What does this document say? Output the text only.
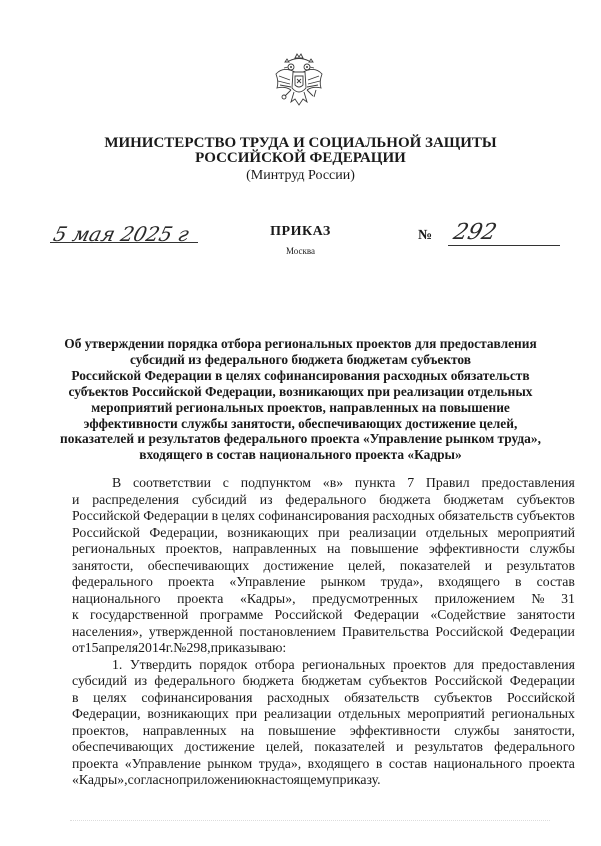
МИНИСТЕРСТВО ТРУДА И СОЦИАЛЬНОЙ ЗАЩИТЫ
РОССИЙСКОЙ ФЕДЕРАЦИИ
(Минтруд России)
ПРИКАЗ
Москва
5 мая 2025 г	№ 292
Об утверждении порядка отбора региональных проектов для предоставления
субсидий из федерального бюджета бюджетам субъектов
Российской Федерации в целях софинансирования расходных обязательств
субъектов Российской Федерации, возникающих при реализации отдельных
мероприятий региональных проектов, направленных на повышение
эффективности службы занятости, обеспечивающих достижение целей,
показателей и результатов федерального проекта «Управление рынком труда»,
входящего в состав национального проекта «Кадры»
В соответствии с подпунктом «в» пункта 7 Правил предоставления
и распределения субсидий из федерального бюджета бюджетам субъектов
Российской Федерации в целях софинансирования расходных обязательств субъектов
Российской Федерации, возникающих при реализации отдельных мероприятий
региональных проектов, направленных на повышение эффективности службы
занятости, обеспечивающих достижение целей, показателей и результатов
федерального проекта «Управление рынком труда», входящего в состав
национального проекта «Кадры», предусмотренных приложением № 31
к государственной программе Российской Федерации «Содействие занятости
населения», утвержденной постановлением Правительства Российской Федерации
от 15 апреля 2014 г. № 298, приказываю:
1. Утвердить порядок отбора региональных проектов для предоставления
субсидий из федерального бюджета бюджетам субъектов Российской Федерации
в целях софинансирования расходных обязательств субъектов Российской
Федерации, возникающих при реализации отдельных мероприятий региональных
проектов, направленных на повышение эффективности службы занятости,
обеспечивающих достижение целей, показателей и результатов федерального
проекта «Управление рынком труда», входящего в состав национального проекта
«Кадры», согласно приложению к настоящему приказу.
